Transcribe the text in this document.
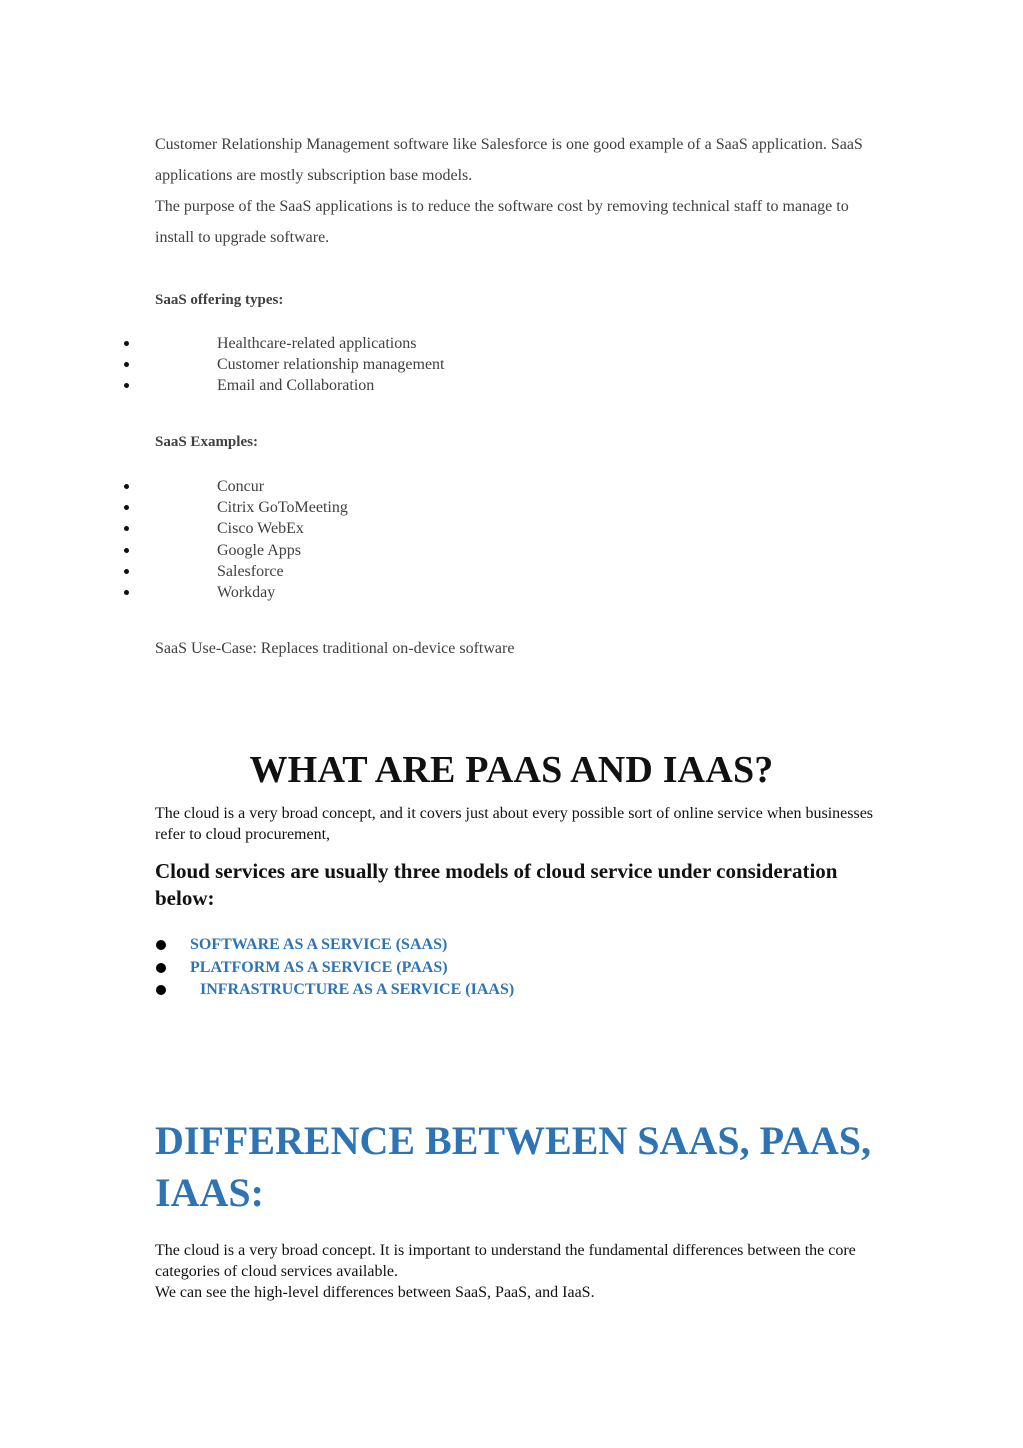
Customer Relationship Management software like Salesforce is one good example of a SaaS application. SaaS applications are mostly subscription base models.

The purpose of the SaaS applications is to reduce the software cost by removing technical staff to manage to install to upgrade software.

SaaS offering types:
Healthcare-related applications
Customer relationship management
Email and Collaboration
SaaS Examples:
Concur
Citrix GoToMeeting
Cisco WebEx
Google Apps
Salesforce
Workday

SaaS Use-Case: Replaces traditional on-device software

WHAT ARE PAAS AND IAAS?

The cloud is a very broad concept, and it covers just about every possible sort of online service when businesses refer to cloud procurement,

Cloud services are usually three models of cloud service under consideration below:
SOFTWARE AS A SERVICE (SAAS)
PLATFORM AS A SERVICE (PAAS)
INFRASTRUCTURE AS A SERVICE (IAAS)
DIFFERENCE BETWEEN SAAS, PAAS, IAAS:

The cloud is a very broad concept. It is important to understand the fundamental differences between the core categories of cloud services available.

We can see the high-level differences between SaaS, PaaS, and IaaS.
